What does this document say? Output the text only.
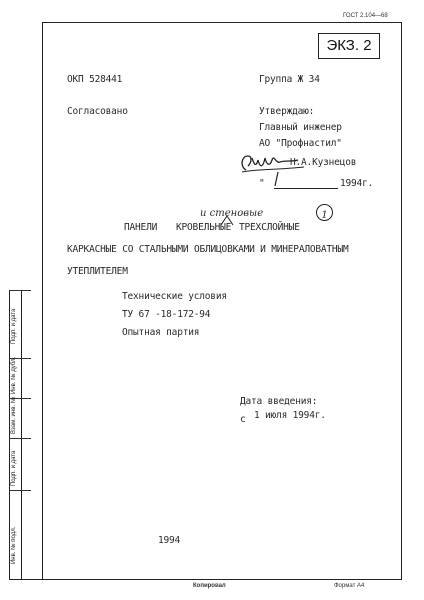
ГОСТ 2.104—68
ЭКЗ. 2
ОКП 528441	Группа Ж 34
Согласовано	Утверждаю:
Главный инженер
АО "Профнастил"
Н.А.Кузнецов
"	1994г.
и стеновые	1
ПАНЕЛИ КРОВЕЛЬНЫЕ ТРЕХСЛОЙНЫЕ
КАРКАСНЫЕ СО СТАЛЬНЫМИ ОБЛИЦОВКАМИ И МИНЕРАЛОВАТНЫМ
УТЕПЛИТЕЛЕМ
Технические условия
ТУ 67 -18-172-94
Опытная партия
Дата введения:
с 1 июля 1994г.
1994
Подп. и дата
Инв. № дубл.
Взам. инв. №
Подп. и дата
Инв. № подл.
Копировал	Формат А4
